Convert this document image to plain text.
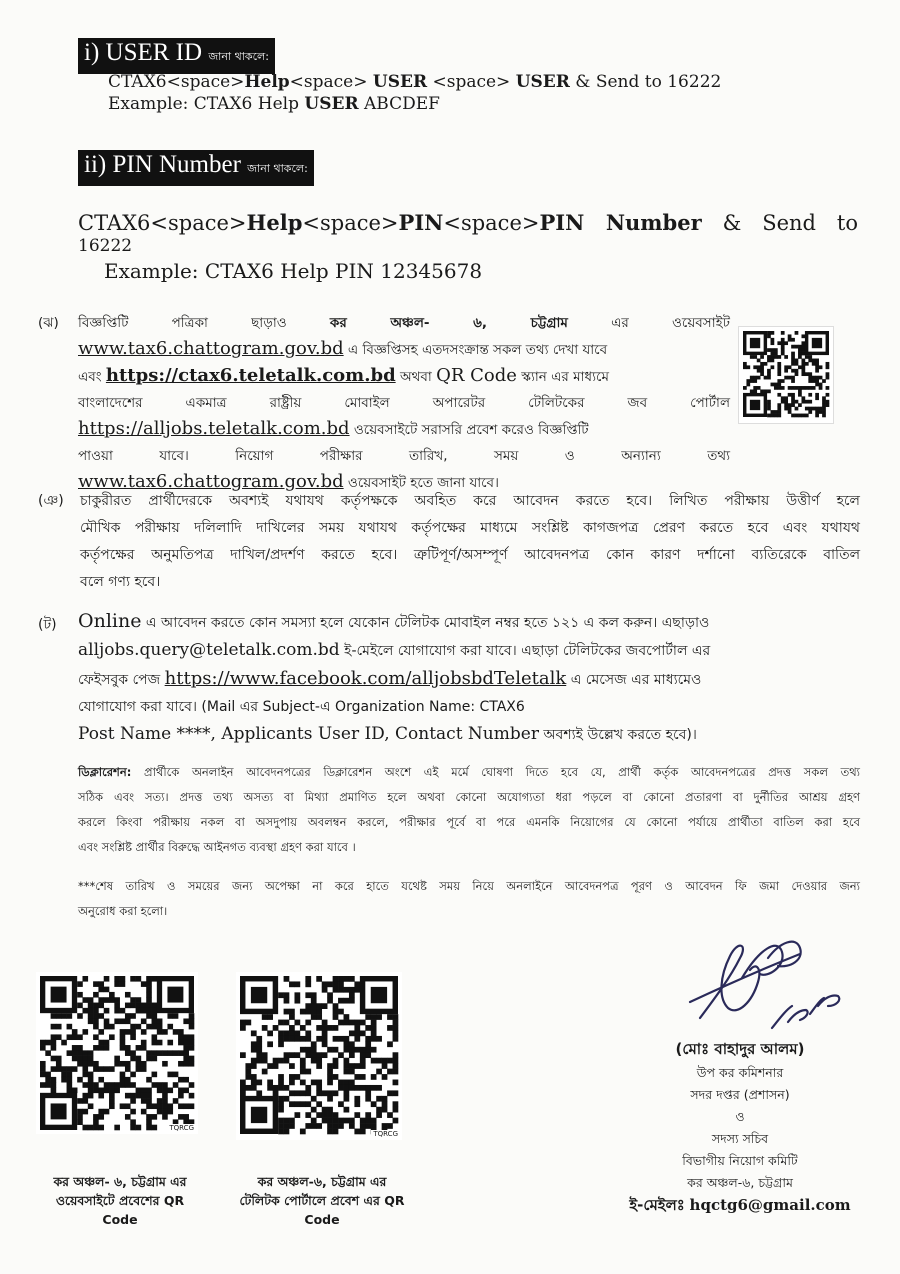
i) USER ID জানা থাকলে:
CTAX6<space>Help<space> USER <space> USER & Send to 16222
Example: CTAX6 Help USER ABCDEF
ii) PIN Number জানা থাকলে:
CTAX6<space>Help<space>PIN<space>PIN Number & Send to
16222
Example: CTAX6 Help PIN 12345678
(ঝ) বিজ্ঞপ্তিটি পত্রিকা ছাড়াও	কর অঞ্চল- ৬, চট্টগ্রাম	এর ওয়েবসাইট
www.tax6.chattogram.gov.bd এ বিজ্ঞপ্তিসহ এতদসংক্রান্ত সকল তথ্য দেখা যাবে
এবং https://ctax6.teletalk.com.bd অথবা QR Code স্ক্যান এর মাধ্যমে
বাংলাদেশের একমাত্র রাষ্ট্রীয় মোবাইল অপারেটর টেলিটকের জব পোর্টাল
https://alljobs.teletalk.com.bd ওয়েবসাইটে সরাসরি প্রবেশ করেও বিজ্ঞপ্তিটি
পাওয়া যাবে। নিয়োগ পরীক্ষার তারিখ, সময় ও অন্যান্য তথ্য
www.tax6.chattogram.gov.bd ওয়েবসাইট হতে জানা যাবে।
(ঞ) চাকুরীরত প্রার্থীদেরকে অবশ্যই যথাযথ কর্তৃপক্ষকে অবহিত করে আবেদন করতে হবে। লিখিত পরীক্ষায় উত্তীর্ণ হলে
মৌখিক পরীক্ষায় দলিলাদি দাখিলের সময় যথাযথ কর্তৃপক্ষের মাধ্যমে সংশ্লিষ্ট কাগজপত্র প্রেরণ করতে হবে এবং যথাযথ
কর্তৃপক্ষের অনুমতিপত্র দাখিল/প্রদর্শণ করতে হবে। ত্রুটিপূর্ণ/অসম্পূর্ণ আবেদনপত্র কোন কারণ দর্শানো ব্যতিরেকে বাতিল
বলে গণ্য হবে।
(ট) Online এ আবেদন করতে কোন সমস্যা হলে যেকোন টেলিটক মোবাইল নম্বর হতে ১২১ এ কল করুন। এছাড়াও
alljobs.query@teletalk.com.bd ই-মেইলে যোগাযোগ করা যাবে। এছাড়া টেলিটকের জবপোর্টাল এর
ফেইসবুক পেজ https://www.facebook.com/alljobsbdTeletalk এ মেসেজ এর মাধ্যমেও
যোগাযোগ করা যাবে। (Mail এর Subject-এ Organization Name: CTAX6
Post Name ****, Applicants User ID, Contact Number অবশ্যই উল্লেখ করতে হবে)।
ডিক্লারেশন: প্রার্থীকে অনলাইন আবেদনপত্রের ডিক্লারেশন অংশে এই মর্মে ঘোষণা দিতে হবে যে, প্রার্থী কর্তৃক আবেদনপত্রের প্রদত্ত সকল তথ্য
সঠিক এবং সত্য। প্রদত্ত তথ্য অসত্য বা মিথ্যা প্রমাণিত হলে অথবা কোনো অযোগ্যতা ধরা পড়লে বা কোনো প্রতারণা বা দুর্নীতির আশ্রয় গ্রহণ
করলে কিংবা পরীক্ষায় নকল বা অসদুপায় অবলম্বন করলে, পরীক্ষার পূর্বে বা পরে এমনকি নিয়োগের যে কোনো পর্যায়ে প্রার্থীতা বাতিল করা হবে
এবং সংশ্লিষ্ট প্রার্থীর বিরুদ্ধে আইনগত ব্যবস্থা গ্রহণ করা যাবে ।
***শেষ তারিখ ও সময়ের জন্য অপেক্ষা না করে হাতে যথেষ্ট সময় নিয়ে অনলাইনে আবেদনপত্র পূরণ ও আবেদন ফি জমা দেওয়ার জন্য
অনুরোধ করা হলো।
TQRCG
কর অঞ্চল- ৬, চট্টগ্রাম এর
ওয়েবসাইটে প্রবেশের QR
Code
TQRCG
কর অঞ্চল-৬, চট্টগ্রাম এর
টেলিটক পোর্টালে প্রবেশ এর QR
Code
(মোঃ বাহাদুর আলম)
উপ কর কমিশনার
সদর দপ্তর (প্রশাসন)
ও
সদস্য সচিব
বিভাগীয় নিয়োগ কমিটি
কর অঞ্চল-৬, চট্টগ্রাম
ই-মেইলঃ hqctg6@gmail.com
